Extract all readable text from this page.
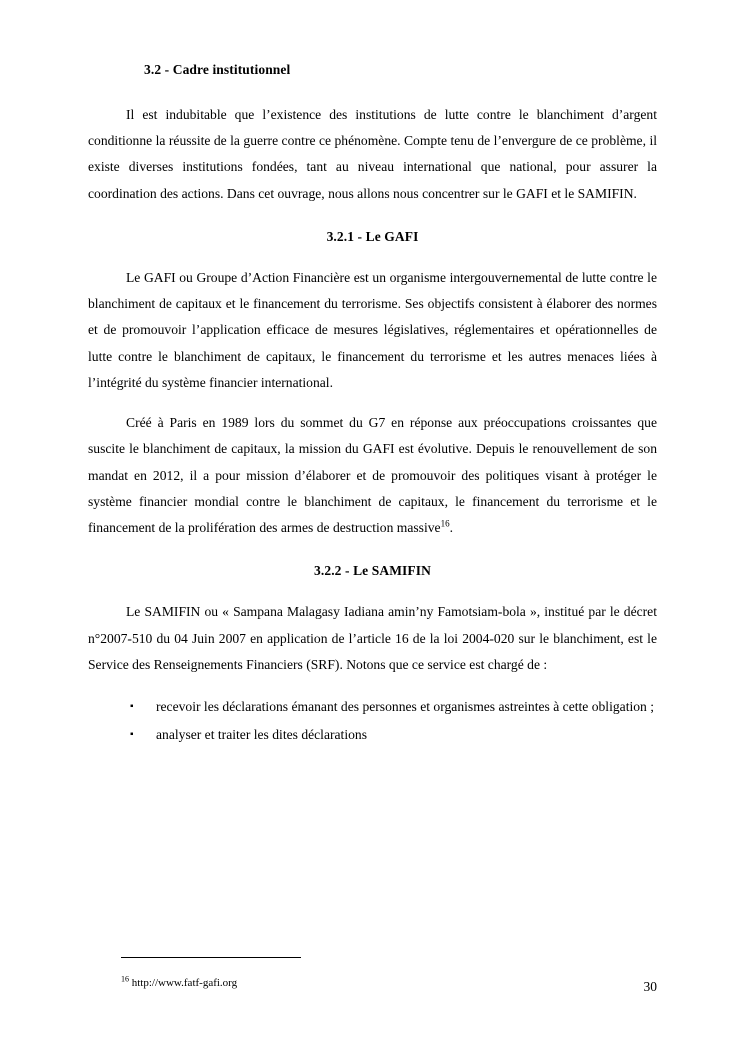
3.2 - Cadre institutionnel

Il est indubitable que l’existence des institutions de lutte contre le blanchiment d’argent conditionne la réussite de la guerre contre ce phénomène. Compte tenu de l’envergure de ce problème, il existe diverses institutions fondées, tant au niveau international que national, pour assurer la coordination des actions. Dans cet ouvrage, nous allons nous concentrer sur le GAFI et le SAMIFIN.

3.2.1 - Le GAFI

Le GAFI ou Groupe d’Action Financière est un organisme intergouvernemental de lutte contre le blanchiment de capitaux et le financement du terrorisme. Ses objectifs consistent à élaborer des normes et de promouvoir l’application efficace de mesures législatives, réglementaires et opérationnelles de lutte contre le blanchiment de capitaux, le financement du terrorisme et les autres menaces liées à l’intégrité du système financier international.

Créé à Paris en 1989 lors du sommet du G7 en réponse aux préoccupations croissantes que suscite le blanchiment de capitaux, la mission du GAFI est évolutive. Depuis le renouvellement de son mandat en 2012, il a pour mission d’élaborer et de promouvoir des politiques visant à protéger le système financier mondial contre le blanchiment de capitaux, le financement du terrorisme et le financement de la prolifération des armes de destruction massive$^{16}$.

3.2.2 - Le SAMIFIN

Le SAMIFIN ou « Sampana Malagasy Iadiana amin’ny Famotsiam-bola », institué par le décret n°2007-510 du 04 Juin 2007 en application de l’article 16 de la loi 2004-020 sur le blanchiment, est le Service des Renseignements Financiers (SRF). Notons que ce service est chargé de :

▪ recevoir les déclarations émanant des personnes et organismes astreintes à cette obligation ;
▪ analyser et traiter les dites déclarations
$^{16}$ http://www.fatf-gafi.org	30
